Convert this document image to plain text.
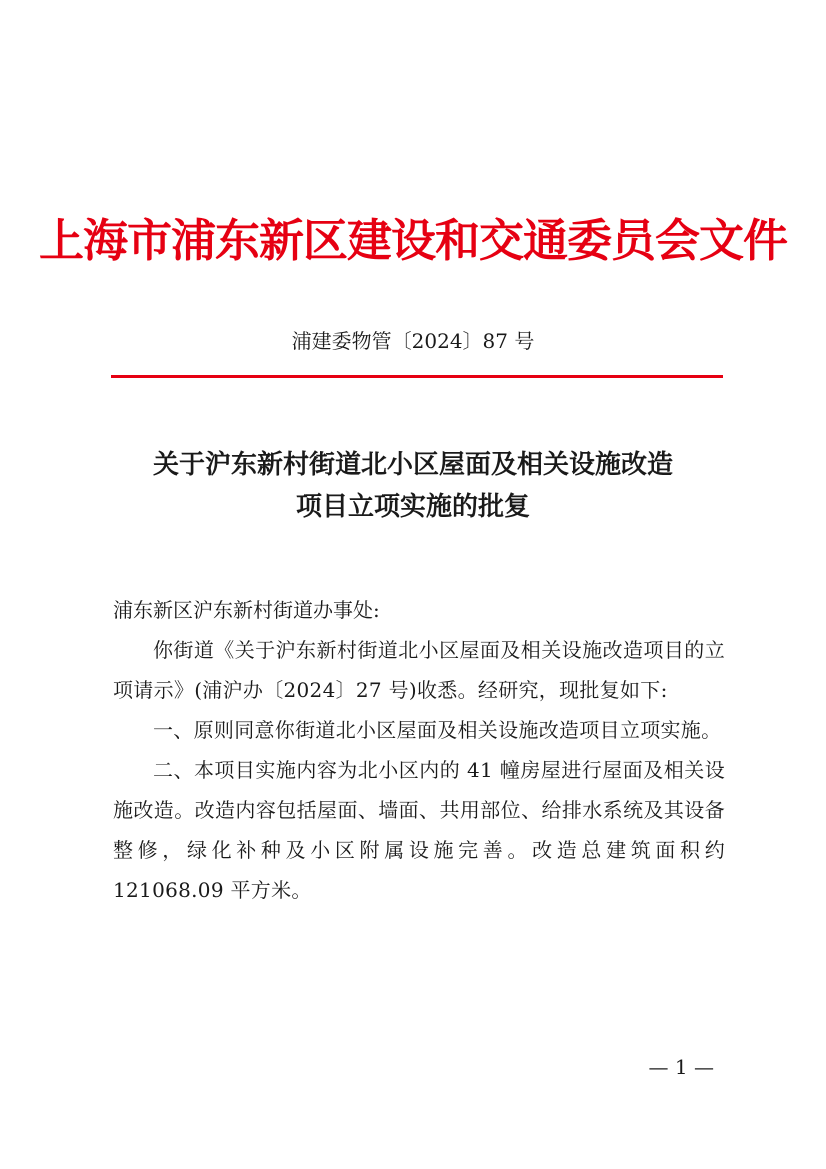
上海市浦东新区建设和交通委员会文件
浦建委物管〔2024〕87 号
关于沪东新村街道北小区屋面及相关设施改造
项目立项实施的批复
浦东新区沪东新村街道办事处:
你街道《关于沪东新村街道北小区屋面及相关设施改造项目的立项请示》(浦沪办〔2024〕27 号)收悉。经研究，现批复如下:
一、原则同意你街道北小区屋面及相关设施改造项目立项实施。
二、本项目实施内容为北小区内的 41 幢房屋进行屋面及相关设施改造。改造内容包括屋面、墙面、共用部位、给排水系统及其设备整修，绿化补种及小区附属设施完善。改造总建筑面积约 121068.09 平方米。
— 1 —
